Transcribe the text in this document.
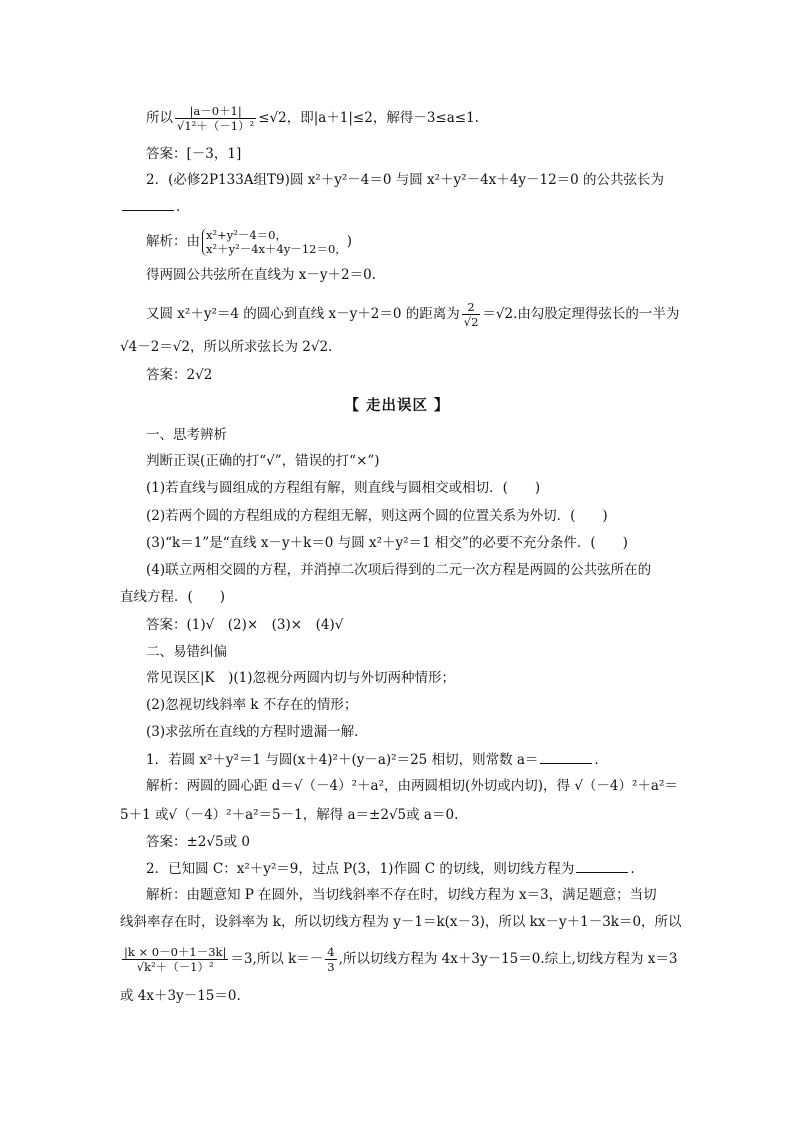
所以 $\frac{|a-0+1|}{\text{√1²＋（－1）²}} \le√2$，即|a＋1|≤2，解得－3≤a≤1.
答案：[－3，1]
2．(必修2P133A组T9)圆 x²＋y²－4＝0 与圆 x²＋y²－4x＋4y－12＝0 的公共弦长为
.
解析：由 x²+y²－4＝0，
x²＋y²－4x＋4y－12＝0， )
得两圆公共弦所在直线为 x－y＋2＝0.
又圆 x²＋y²＝4 的圆心到直线 x－y＋2＝0 的距离为 $\frac{2}{√2} =√2$.由勾股定理得弦长的一半为
√4－2＝√2，所以所求弦长为 2√2.
答案：2√2
【 走出误区 】
一、思考辨析
判断正误(正确的打“√”，错误的打“×”)
(1)若直线与圆组成的方程组有解，则直线与圆相交或相切．(　　)
(2)若两个圆的方程组成的方程组无解，则这两个圆的位置关系为外切．(　　)
(3)“k＝1”是“直线 x－y＋k＝0 与圆 x²＋y²＝1 相交”的必要不充分条件．(　　)
(4)联立两相交圆的方程，并消掉二次项后得到的二元一次方程是两圆的公共弦所在的
直线方程．(　　)
答案：(1)√　(2)×　(3)×　(4)√
二、易错纠偏
常见误区|K　)(1)忽视分两圆内切与外切两种情形；
(2)忽视切线斜率 k 不存在的情形；
(3)求弦所在直线的方程时遗漏一解．
1．若圆 x²＋y²＝1 与圆(x＋4)²＋(y－a)²＝25 相切，则常数 a＝	.
解析：两圆的圆心距 d＝√（－4）²＋a²，由两圆相切(外切或内切)，得 √（－4）²＋a²＝
5＋1 或√（－4）²＋a²＝5－1，解得 a＝±2√5或 a＝0.
答案：±2√5或 0
2．已知圆 C：x²＋y²＝9，过点 P(3，1)作圆 C 的切线，则切线方程为	.
解析：由题意知 P 在圆外，当切线斜率不存在时，切线方程为 x＝3，满足题意；当切
线斜率存在时，设斜率为 k，所以切线方程为 y－1＝k(x－3)，所以 kx－y＋1－3k＝0，所以
$\frac{|k \times 0-0+1-3k|}{\text{√k²＋（－1）²}} =3$,所以 $k=- \frac{4}{3}$ ,所以切线方程为 4x＋3y－15＝0.综上,切线方程为 x＝3
或 4x＋3y－15＝0.
